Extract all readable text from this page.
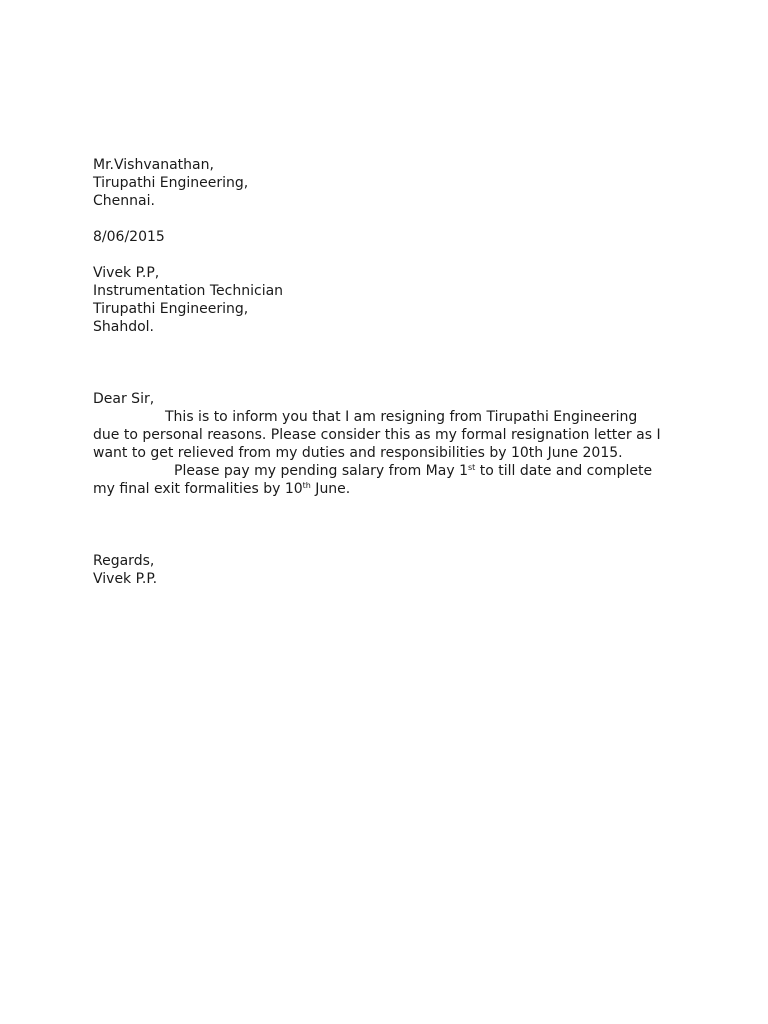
Mr.Vishvanathan,
Tirupathi Engineering,
Chennai.
8/06/2015
Vivek P.P,
Instrumentation Technician
Tirupathi Engineering,
Shahdol.
Dear Sir,
This is to inform you that I am resigning from Tirupathi Engineering
due to personal reasons. Please consider this as my formal resignation letter as I
want to get relieved from my duties and responsibilities by 10th June 2015.
Please pay my pending salary from May 1st to till date and complete
my final exit formalities by 10th June.
Regards,
Vivek P.P.
